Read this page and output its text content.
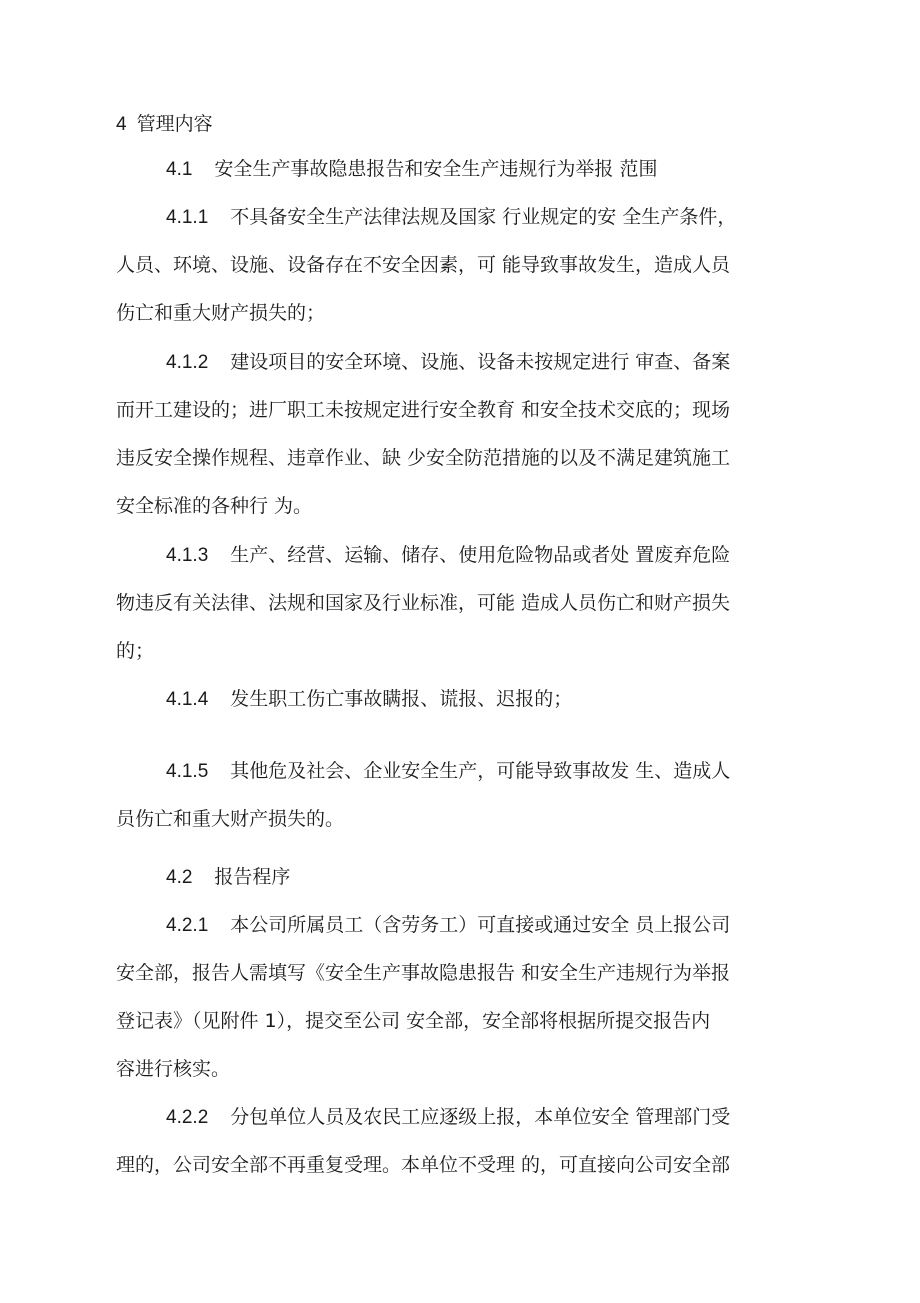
4 管理内容
4.1 安全生产事故隐患报告和安全生产违规行为举报 范围
4.1.1 不具备安全生产法律法规及国家 行业规定的安 全生产条件，
人员、环境、设施、设备存在不安全因素，可 能导致事故发生，造成人员
伤亡和重大财产损失的；
4.1.2 建设项目的安全环境、设施、设备未按规定进行 审查、备案
而开工建设的；进厂职工未按规定进行安全教育 和安全技术交底的；现场
违反安全操作规程、违章作业、缺 少安全防范措施的以及不满足建筑施工
安全标准的各种行 为。
4.1.3 生产、经营、运输、储存、使用危险物品或者处 置废弃危险
物违反有关法律、法规和国家及行业标准，可能 造成人员伤亡和财产损失
的；
4.1.4 发生职工伤亡事故瞒报、谎报、迟报的；
4.1.5 其他危及社会、企业安全生产，可能导致事故发 生、造成人
员伤亡和重大财产损失的。
4.2 报告程序
4.2.1 本公司所属员工（含劳务工）可直接或通过安全 员上报公司
安全部，报告人需填写《安全生产事故隐患报告 和安全生产违规行为举报
登记表》（见附件 1），提交至公司 安全部，安全部将根据所提交报告内
容进行核实。
4.2.2 分包单位人员及农民工应逐级上报，本单位安全 管理部门受
理的，公司安全部不再重复受理。本单位不受理 的，可直接向公司安全部
